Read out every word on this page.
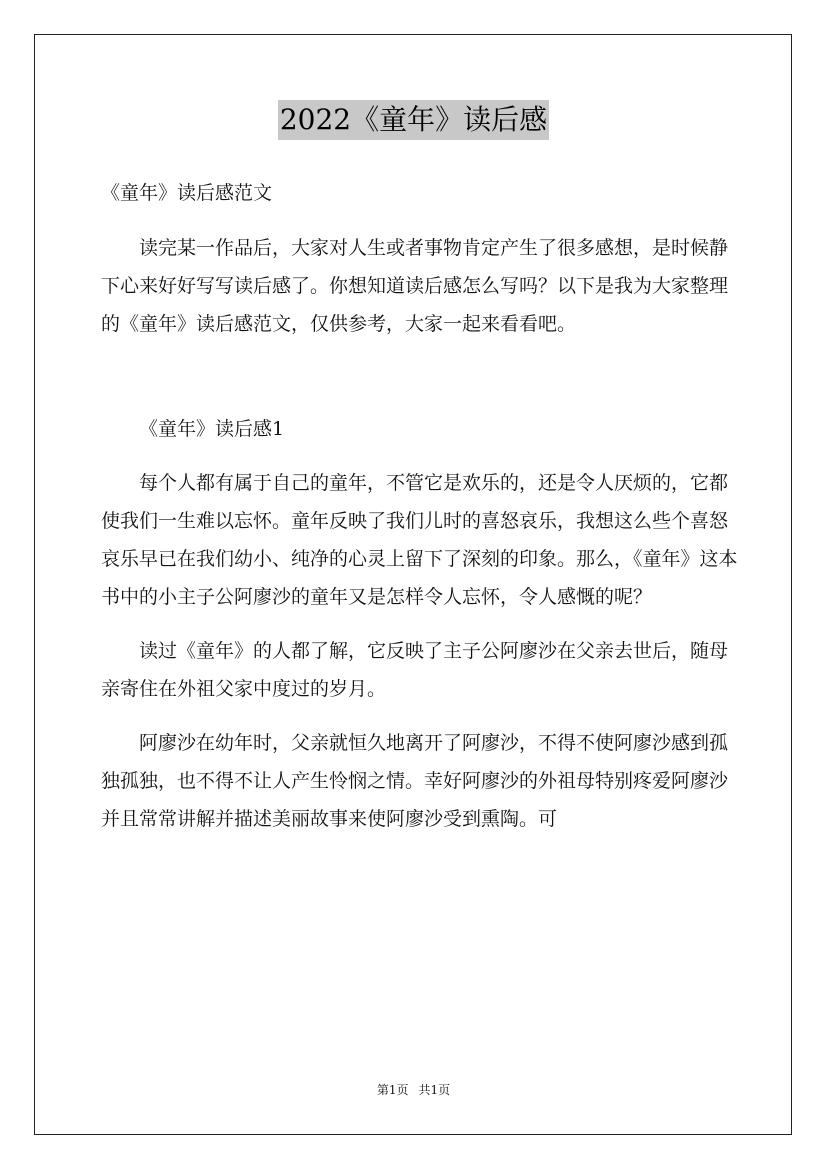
2022《童年》读后感

《童年》读后感范文

读完某一作品后，大家对人生或者事物肯定产生了很多感想，是时候静下心来好好写写读后感了。你想知道读后感怎么写吗？以下是我为大家整理的《童年》读后感范文，仅供参考，大家一起来看看吧。

《童年》读后感1

每个人都有属于自己的童年，不管它是欢乐的，还是令人厌烦的，它都使我们一生难以忘怀。童年反映了我们儿时的喜怒哀乐，我想这么些个喜怒哀乐早已在我们幼小、纯净的心灵上留下了深刻的印象。那么，《童年》这本书中的小主子公阿廖沙的童年又是怎样令人忘怀，令人感慨的呢？

读过《童年》的人都了解，它反映了主子公阿廖沙在父亲去世后，随母亲寄住在外祖父家中度过的岁月。

阿廖沙在幼年时，父亲就恒久地离开了阿廖沙，不得不使阿廖沙感到孤独孤独，也不得不让人产生怜悯之情。幸好阿廖沙的外祖母特别疼爱阿廖沙并且常常讲解并描述美丽故事来使阿廖沙受到熏陶。可

第1页 共1页
